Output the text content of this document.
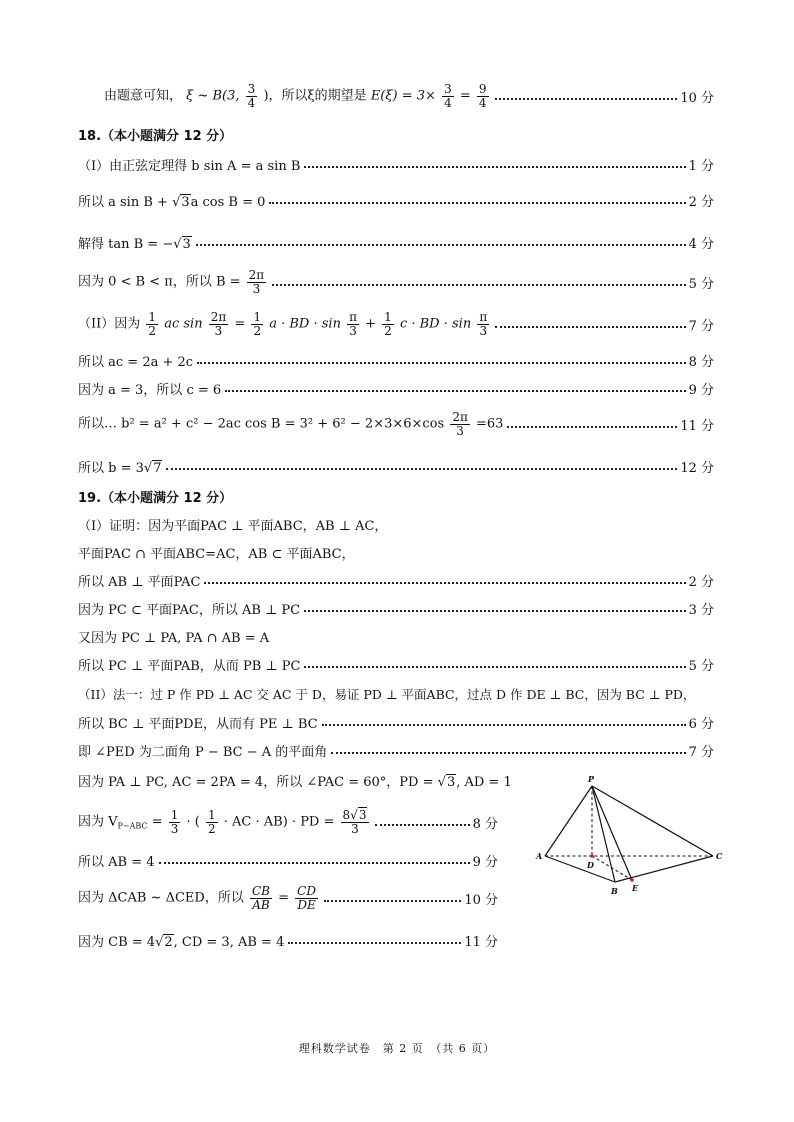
由题意可知， ξ ~ B(3, $\frac{3}{4}$ )，所以ξ的期望是 $E(\xi) = 3\times \frac{3}{4} = \frac{9}{4}$	10 分
18.（本小题满分 12 分）
（I）由正弦定理得 b sin A = a sin B	1 分
所以 a sin B + √3a cos B = 0	2 分
解得 tan B = −√3	4 分
因为 0 < B < π，所以 $B = \frac{2\pi}{3}$	5 分
（II）因为 $\frac{1}{2}$ ac $\sin \frac{2\pi}{3} = \frac{1}{2}$ a · BD · $\sin \frac{\pi}{3} + \frac{1}{2}$ c · BD · $\sin \frac{\pi}{3}$	7 分
所以 ac = 2a + 2c	8 分
因为 a = 3，所以 c = 6	9 分
所以… b² = a² + c² − 2ac $\cos B = 3^2 + 6^2 - 2\times 3\times 6\times\cos \frac{2\pi}{3} =63$	11 分
所以 b = 3√7	12 分
19.（本小题满分 12 分）
（I）证明：因为平面PAC ⊥ 平面ABC，AB ⊥ AC，
平面PAC ∩ 平面ABC=AC，AB ⊂ 平面ABC，
所以 AB ⊥ 平面PAC	2 分
因为 PC ⊂ 平面PAC，所以 AB ⊥ PC	3 分
又因为 PC ⊥ PA, PA ∩ AB = A
所以 PC ⊥ 平面PAB，从而 PB ⊥ PC	5 分
（II）法一：过 P 作 PD ⊥ AC 交 AC 于 D，易证 PD ⊥ 平面ABC，过点 D 作 DE ⊥ BC，因为 BC ⊥ PD，
所以 BC ⊥ 平面PDE，从而有 PE ⊥ BC	6 分
即 ∠PED 为二面角 P − BC − A 的平面角	7 分
因为 PA ⊥ PC, AC = 2PA = 4，所以 ∠PAC = 60°，PD = √3, AD = 1
因为 $V_{P-ABC} = \frac{1}{3}$ · ( $\frac{1}{2}$ · AC · AB) · PD = $\frac{8√3}{3}$	8 分
所以 AB = 4	9 分
因为 ΔCAB ~ ΔCED，所以 $\frac{CB}{AB} = \frac{CD}{DE}$	10 分
因为 CB = 4√2, CD = 3, AB = 4	11 分
P
A
B
C
D
E
理科数学试卷　第 2 页　（共 6 页）
